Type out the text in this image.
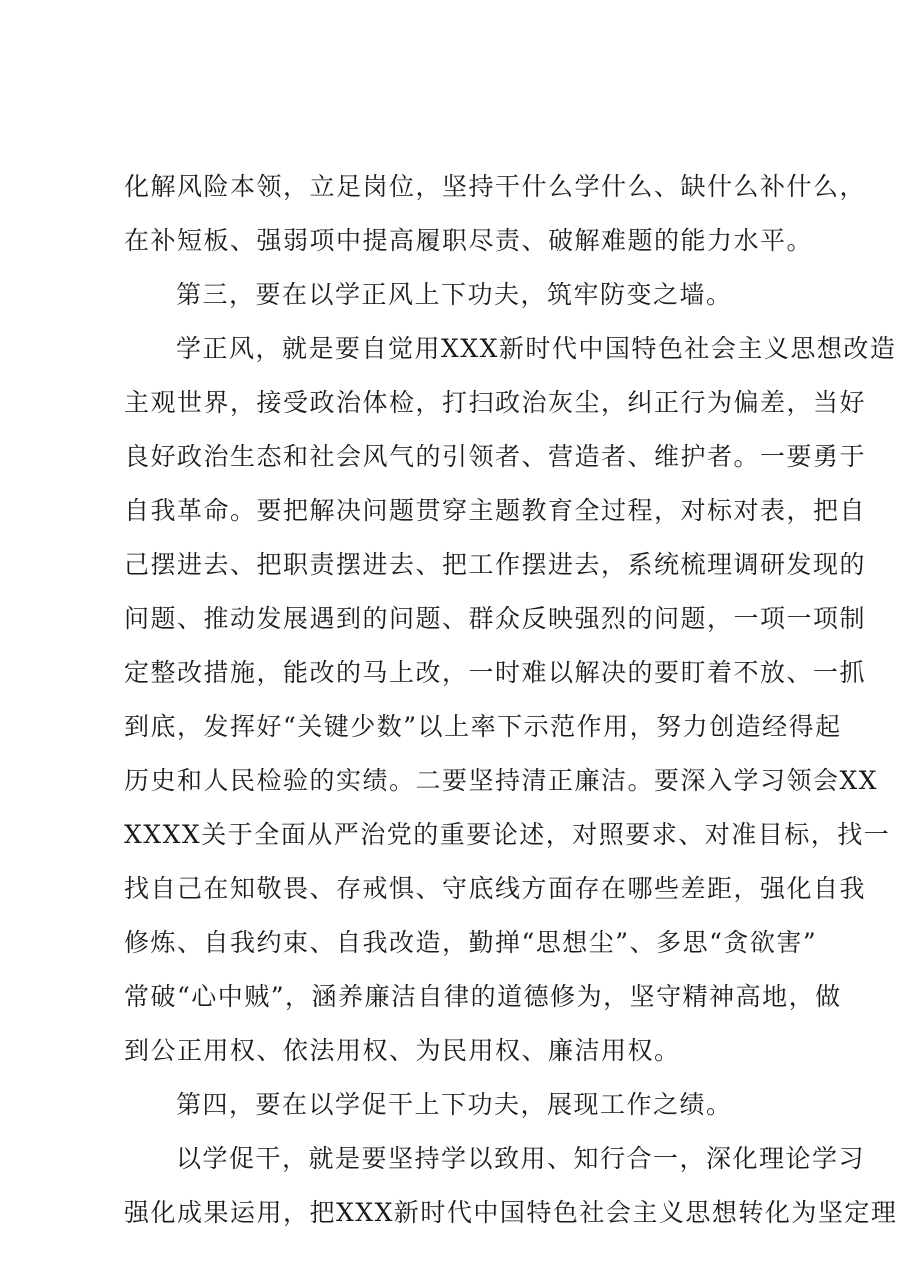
化解风险本领，立足岗位，坚持干什么学什么、缺什么补什么，
在补短板、强弱项中提高履职尽责、破解难题的能力水平。
第三，要在以学正风上下功夫，筑牢防变之墙。
学正风，就是要自觉用XXX新时代中国特色社会主义思想改造
主观世界，接受政治体检，打扫政治灰尘，纠正行为偏差，当好
良好政治生态和社会风气的引领者、营造者、维护者。一要勇于
自我革命。要把解决问题贯穿主题教育全过程，对标对表，把自
己摆进去、把职责摆进去、把工作摆进去，系统梳理调研发现的
问题、推动发展遇到的问题、群众反映强烈的问题，一项一项制
定整改措施，能改的马上改，一时难以解决的要盯着不放、一抓
到底，发挥好“关键少数”以上率下示范作用，努力创造经得起
历史和人民检验的实绩。二要坚持清正廉洁。要深入学习领会XX
XXXX关于全面从严治党的重要论述，对照要求、对准目标，找一
找自己在知敬畏、存戒惧、守底线方面存在哪些差距，强化自我
修炼、自我约束、自我改造，勤掸“思想尘”、多思“贪欲害”
常破“心中贼”，涵养廉洁自律的道德修为，坚守精神高地，做
到公正用权、依法用权、为民用权、廉洁用权。
第四，要在以学促干上下功夫，展现工作之绩。
以学促干，就是要坚持学以致用、知行合一，深化理论学习
强化成果运用，把XXX新时代中国特色社会主义思想转化为坚定理
